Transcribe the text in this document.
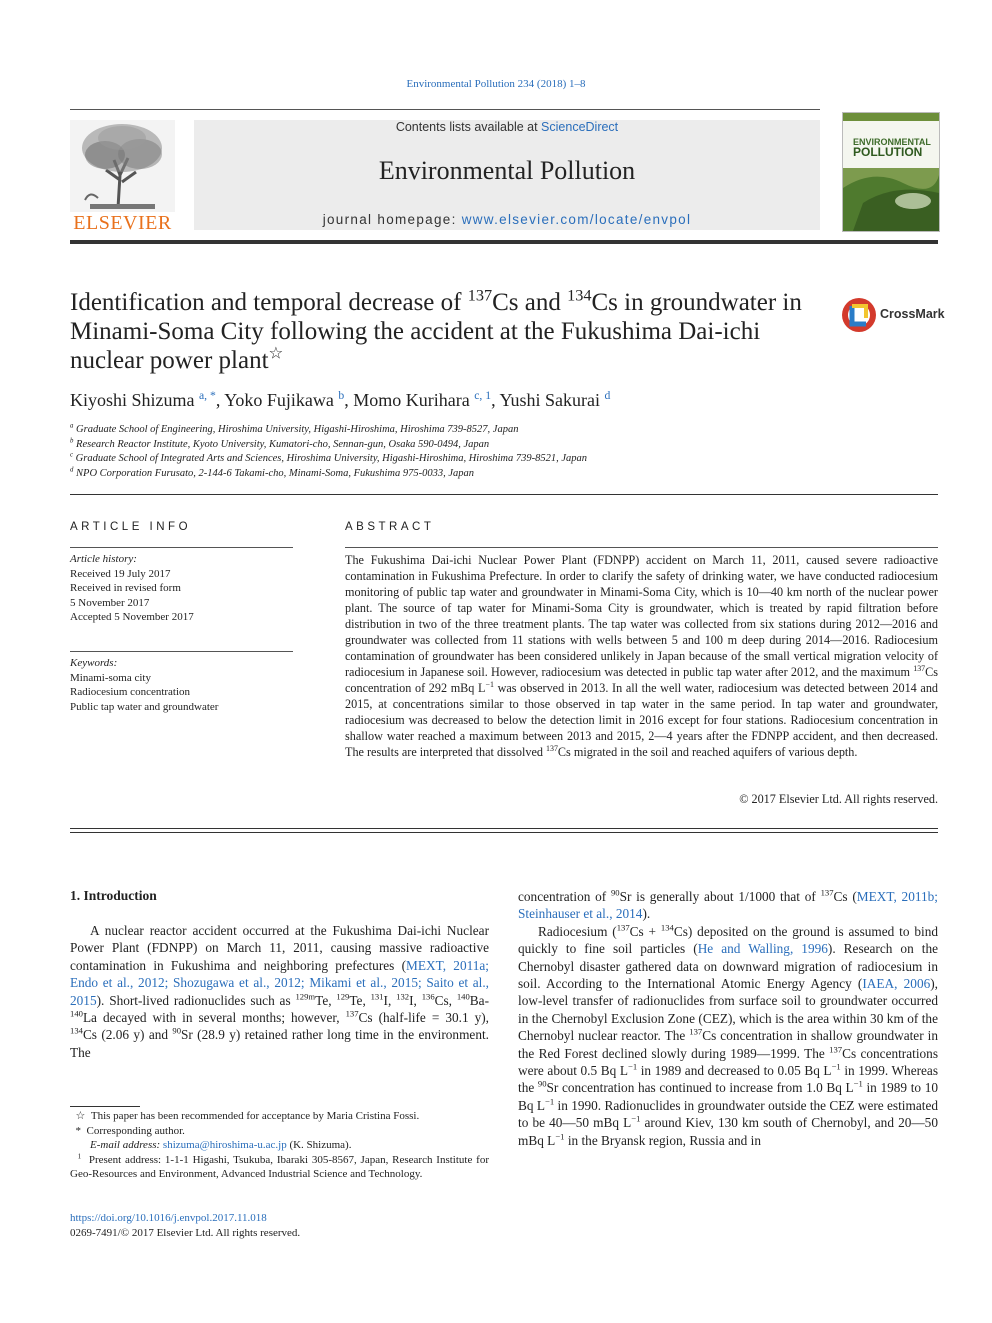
Environmental Pollution 234 (2018) 1–8
ELSEVIER
Contents lists available at ScienceDirect
Environmental Pollution
journal homepage: www.elsevier.com/locate/envpol
ENVIRONMENTAL
POLLUTION
Identification and temporal decrease of $^{137}$Cs and $^{134}$Cs in groundwater in Minami-Soma City following the accident at the Fukushima Dai-ichi nuclear power plant☆
CrossMark
Kiyoshi Shizuma $^{a, *}$, Yoko Fujikawa $^b$, Momo Kurihara $^{c, 1}$, Yushi Sakurai $^d$
$^a$ Graduate School of Engineering, Hiroshima University, Higashi-Hiroshima, Hiroshima 739-8527, Japan
$^b$ Research Reactor Institute, Kyoto University, Kumatori-cho, Sennan-gun, Osaka 590-0494, Japan
$^c$ Graduate School of Integrated Arts and Sciences, Hiroshima University, Higashi-Hiroshima, Hiroshima 739-8521, Japan
$^d$ NPO Corporation Furusato, 2-144-6 Takami-cho, Minami-Soma, Fukushima 975-0033, Japan
ARTICLE INFO
Article history:
Received 19 July 2017
Received in revised form
5 November 2017
Accepted 5 November 2017
Keywords:
Minami-soma city
Radiocesium concentration
Public tap water and groundwater
ABSTRACT
The Fukushima Dai-ichi Nuclear Power Plant (FDNPP) accident on March 11, 2011, caused severe radioactive contamination in Fukushima Prefecture. In order to clarify the safety of drinking water, we have conducted radiocesium monitoring of public tap water and groundwater in Minami-Soma City, which is 10—40 km north of the nuclear power plant. The source of tap water for Minami-Soma City is groundwater, which is treated by rapid filtration before distribution in two of the three treatment plants. The tap water was collected from six stations during 2012—2016 and groundwater was collected from 11 stations with wells between 5 and 100 m deep during 2014—2016. Radiocesium contamination of groundwater has been considered unlikely in Japan because of the small vertical migration velocity of radiocesium in Japanese soil. However, radiocesium was detected in public tap water after 2012, and the maximum $^{137}$Cs concentration of 292 mBq $L^{-1}$ was observed in 2013. In all the well water, radiocesium was detected between 2014 and 2015, at concentrations similar to those observed in tap water in the same period. In tap water and groundwater, radiocesium was decreased to below the detection limit in 2016 except for four stations. Radiocesium concentration in shallow water reached a maximum between 2013 and 2015, 2—4 years after the FDNPP accident, and then decreased. The results are interpreted that dissolved $^{137}$Cs migrated in the soil and reached aquifers of various depth.
© 2017 Elsevier Ltd. All rights reserved.
1. Introduction

A nuclear reactor accident occurred at the Fukushima Dai-ichi Nuclear Power Plant (FDNPP) on March 11, 2011, causing massive radioactive contamination in Fukushima and neighboring prefectures (MEXT, 2011a; Endo et al., 2012; Shozugawa et al., 2012; Mikami et al., 2015; Saito et al., 2015). Short-lived radionuclides such as $^{129m}$Te, $^{129}$Te, $^{131}$I, $^{132}$I, $^{136}$Cs, $^{140}$Ba-$^{140}$La decayed with in several months; however, $^{137}$Cs (half-life = 30.1 y), $^{134}$Cs (2.06 y) and $^{90}$Sr (28.9 y) retained rather long time in the environment. The

concentration of $^{90}$Sr is generally about 1/1000 that of $^{137}$Cs (MEXT, 2011b; Steinhauser et al., 2014).

Radiocesium ($^{137}$Cs + $^{134}$Cs) deposited on the ground is assumed to bind quickly to fine soil particles (He and Walling, 1996). Research on the Chernobyl disaster gathered data on downward migration of radiocesium in soil. According to the International Atomic Energy Agency (IAEA, 2006), low-level transfer of radionuclides from surface soil to groundwater occurred in the Chernobyl Exclusion Zone (CEZ), which is the area within 30 km of the Chernobyl nuclear reactor. The $^{137}$Cs concentration in shallow groundwater in the Red Forest declined slowly during 1989—1999. The $^{137}$Cs concentrations were about 0.5 Bq $L^{-1}$ in 1989 and decreased to 0.05 Bq $L^{-1}$ in 1999. Whereas the $^{90}$Sr concentration has continued to increase from 1.0 Bq $L^{-1}$ in 1989 to 10 Bq $L^{-1}$ in 1990. Radionuclides in groundwater outside the CEZ were estimated to be 40—50 mBq $L^{-1}$ around Kiev, 130 km south of Chernobyl, and 20—50 mBq $L^{-1}$ in the Bryansk region, Russia and in

☆ This paper has been recommended for acceptance by Maria Cristina Fossi.

* Corresponding author.

E-mail address: shizuma@hiroshima-u.ac.jp (K. Shizuma).

$^1$ Present address: 1-1-1 Higashi, Tsukuba, Ibaraki 305-8567, Japan, Research Institute for Geo-Resources and Environment, Advanced Industrial Science and Technology.

https://doi.org/10.1016/j.envpol.2017.11.018
0269-7491/© 2017 Elsevier Ltd. All rights reserved.
